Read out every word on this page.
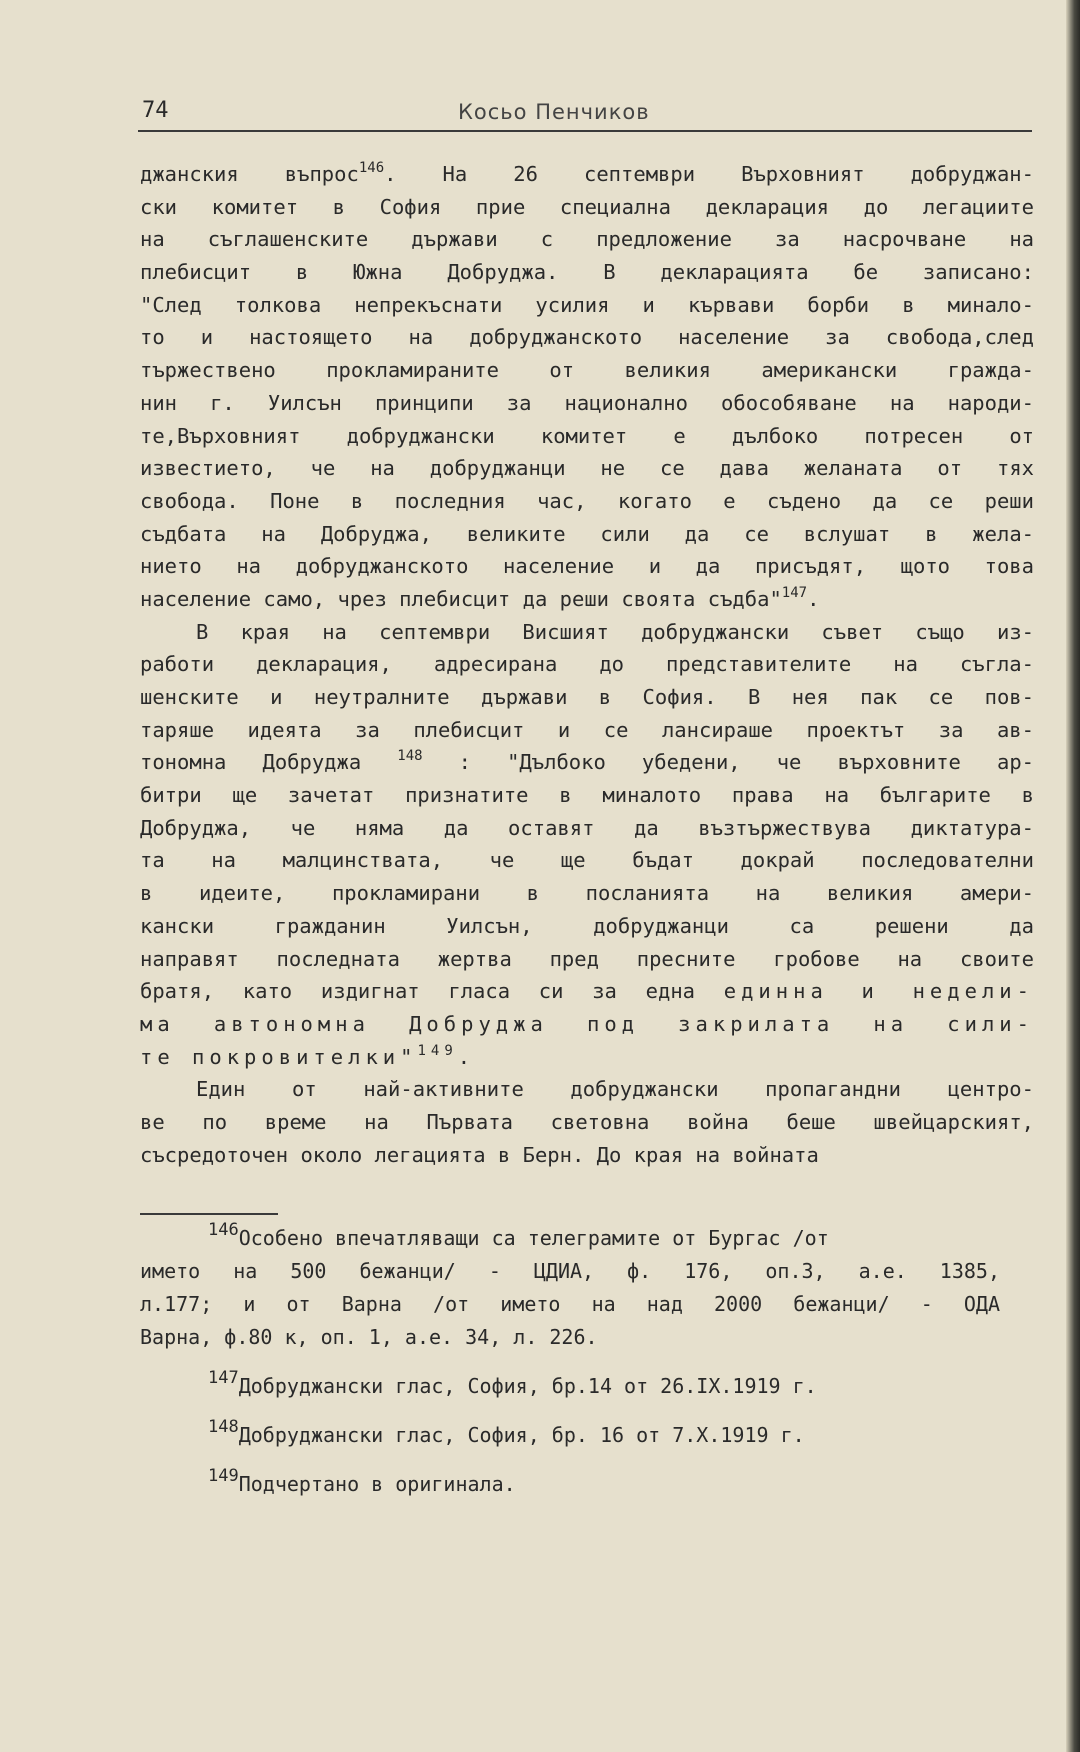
74	Косьо Пенчиков
джанския въпрос$^{146}$. На 26 септември Върховният добруджан-
ски комитет в София прие специална декларация до легациите
на съглашенските държави с предложение за насрочване на
плебисцит в Южна Добруджа. В декларацията бе записано:
"След толкова непрекъснати усилия и кървави борби в минало-
то и настоящето на добруджанското население за свобода,след
тържествено прокламираните от великия американски гражда-
нин г. Уилсън принципи за национално обособяване на народи-
те,Върховният добруджански комитет е дълбоко потресен от
известието, че на добруджанци не се дава желаната от тях
свобода. Поне в последния час, когато е съдено да се реши
съдбата на Добруджа, великите сили да се вслушат в жела-
нието на добруджанското население и да присъдят, щото това
население само, чрез плебисцит да реши своята съдба"$^{147}$.
В края на септември Висшият добруджански съвет също из-
работи декларация, адресирана до представителите на съгла-
шенските и неутралните държави в София. В нея пак се пов-
таряше идеята за плебисцит и се лансираше проектът за ав-
тономна Добруджа	$^{148}$ : "Дълбоко убедени, че върховните ар-
битри ще зачетат признатите в миналото права на българите в
Добруджа, че няма да оставят да възтържествува диктатура-
та на малцинствата, че ще бъдат докрай последователни
в идеите, прокламирани в посланията на великия амери-
кански гражданин Уилсън, добруджанци са решени да
направят последната жертва пред пресните гробове на своите
братя, като издигнат гласа си за една единна и недели-
ма автономна Добруджа под закрилата на сили-
те покровителки"$^{149}$.
Един от най-активните добруджански пропагандни центро-
ве по време на Първата световна война беше швейцарският,
съсредоточен около легацията в Берн. До края на войната
$^{146}$Особено впечатляващи са телеграмите от Бургас /от
името на 500 бежанци/ - ЦДИА, ф. 176, оп.3, а.е. 1385,
л.177; и от Варна /от името на над 2000 бежанци/ - ОДА
Варна, ф.80 к, оп. 1, а.е. 34, л. 226.
$^{147}$Добруджански глас, София, бр.14 от 26.IX.1919 г.
$^{148}$Добруджански глас, София, бр. 16 от 7.X.1919 г.
$^{149}$Подчертано в оригинала.
